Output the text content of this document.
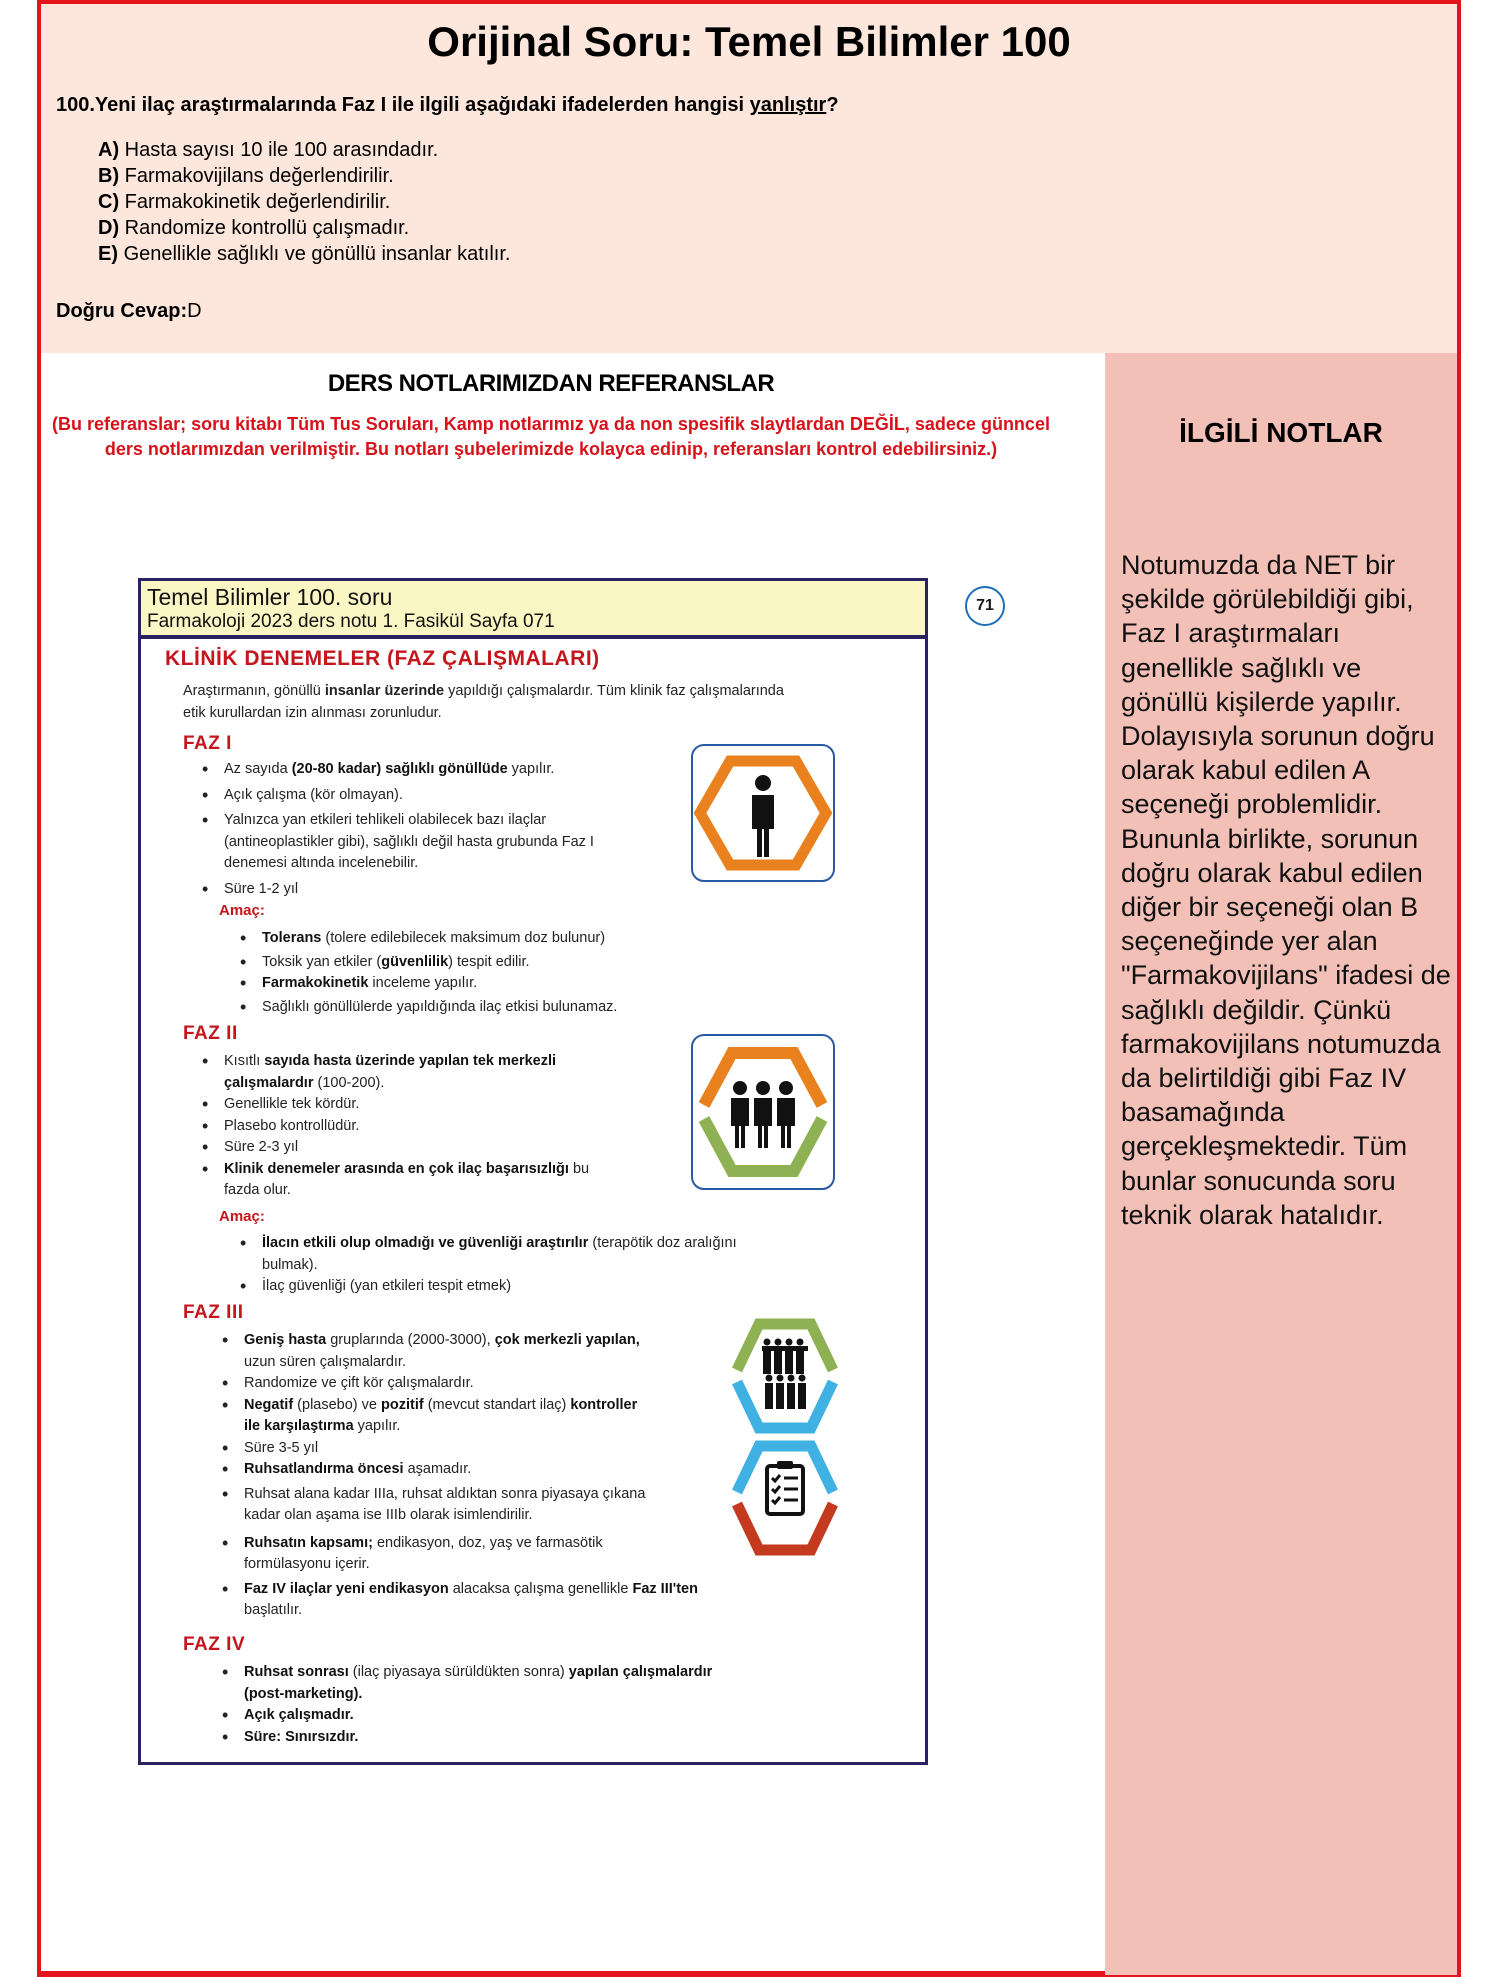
Orijinal Soru: Temel Bilimler 100
100.Yeni ilaç araştırmalarında Faz I ile ilgili aşağıdaki ifadelerden hangisi yanlıştır?
A) Hasta sayısı 10 ile 100 arasındadır.
B) Farmakovijilans değerlendirilir.
C) Farmakokinetik değerlendirilir.
D) Randomize kontrollü çalışmadır.
E) Genellikle sağlıklı ve gönüllü insanlar katılır.
Doğru Cevap:D
İLGİLİ NOTLAR
Notumuzda da NET bir şekilde görülebildiği gibi, Faz I araştırmaları genellikle sağlıklı ve gönüllü kişilerde yapılır. Dolayısıyla sorunun doğru olarak kabul edilen A seçeneği problemlidir. Bununla birlikte, sorunun doğru olarak kabul edilen diğer bir seçeneği olan B seçeneğinde yer alan "Farmakovijilans" ifadesi de sağlıklı değildir. Çünkü farmakovijilans notumuzda da belirtildiği gibi Faz IV basamağında gerçekleşmektedir. Tüm bunlar sonucunda soru teknik olarak hatalıdır.
DERS NOTLARIMIZDAN REFERANSLAR
(Bu referanslar; soru kitabı Tüm Tus Soruları, Kamp notlarımız ya da non spesifik slaytlardan DEĞİL, sadece günncel ders notlarımızdan verilmiştir. Bu notları şubelerimizde kolayca edinip, referansları kontrol edebilirsiniz.)
Temel Bilimler 100. soru
Farmakoloji 2023 ders notu 1. Fasikül Sayfa 071
71
KLİNİK DENEMELER (FAZ ÇALIŞMALARI)
Araştırmanın, gönüllü insanlar üzerinde yapıldığı çalışmalardır. Tüm klinik faz çalışmalarında
etik kurullardan izin alınması zorunludur.
FAZ I
• Az sayıda (20-80 kadar) sağlıklı gönüllüde yapılır.
• Açık çalışma (kör olmayan).
• Yalnızca yan etkileri tehlikeli olabilecek bazı ilaçlar
(antineoplastikler gibi), sağlıklı değil hasta grubunda Faz I
denemesi altında incelenebilir.
• Süre 1-2 yıl
Amaç:
• Tolerans (tolere edilebilecek maksimum doz bulunur)
• Toksik yan etkiler (güvenlilik) tespit edilir.
• Farmakokinetik inceleme yapılır.
• Sağlıklı gönüllülerde yapıldığında ilaç etkisi bulunamaz.
FAZ II
• Kısıtlı sayıda hasta üzerinde yapılan tek merkezli
çalışmalardır (100-200).
• Genellikle tek kördür.
• Plasebo kontrollüdür.
• Süre 2-3 yıl
• Klinik denemeler arasında en çok ilaç başarısızlığı bu
fazda olur.
Amaç:
• İlacın etkili olup olmadığı ve güvenliği araştırılır (terapötik doz aralığını
bulmak).
• İlaç güvenliği (yan etkileri tespit etmek)
FAZ III
• Geniş hasta gruplarında (2000-3000), çok merkezli yapılan,
uzun süren çalışmalardır.
• Randomize ve çift kör çalışmalardır.
• Negatif (plasebo) ve pozitif (mevcut standart ilaç) kontroller
ile karşılaştırma yapılır.
• Süre 3-5 yıl
• Ruhsatlandırma öncesi aşamadır.
• Ruhsat alana kadar IIIa, ruhsat aldıktan sonra piyasaya çıkana
kadar olan aşama ise IIIb olarak isimlendirilir.
• Ruhsatın kapsamı; endikasyon, doz, yaş ve farmasötik
formülasyonu içerir.
• Faz IV ilaçlar yeni endikasyon alacaksa çalışma genellikle Faz III'ten
başlatılır.
FAZ IV
• Ruhsat sonrası (ilaç piyasaya sürüldükten sonra) yapılan çalışmalardır
(post-marketing).
• Açık çalışmadır.
• Süre: Sınırsızdır.
